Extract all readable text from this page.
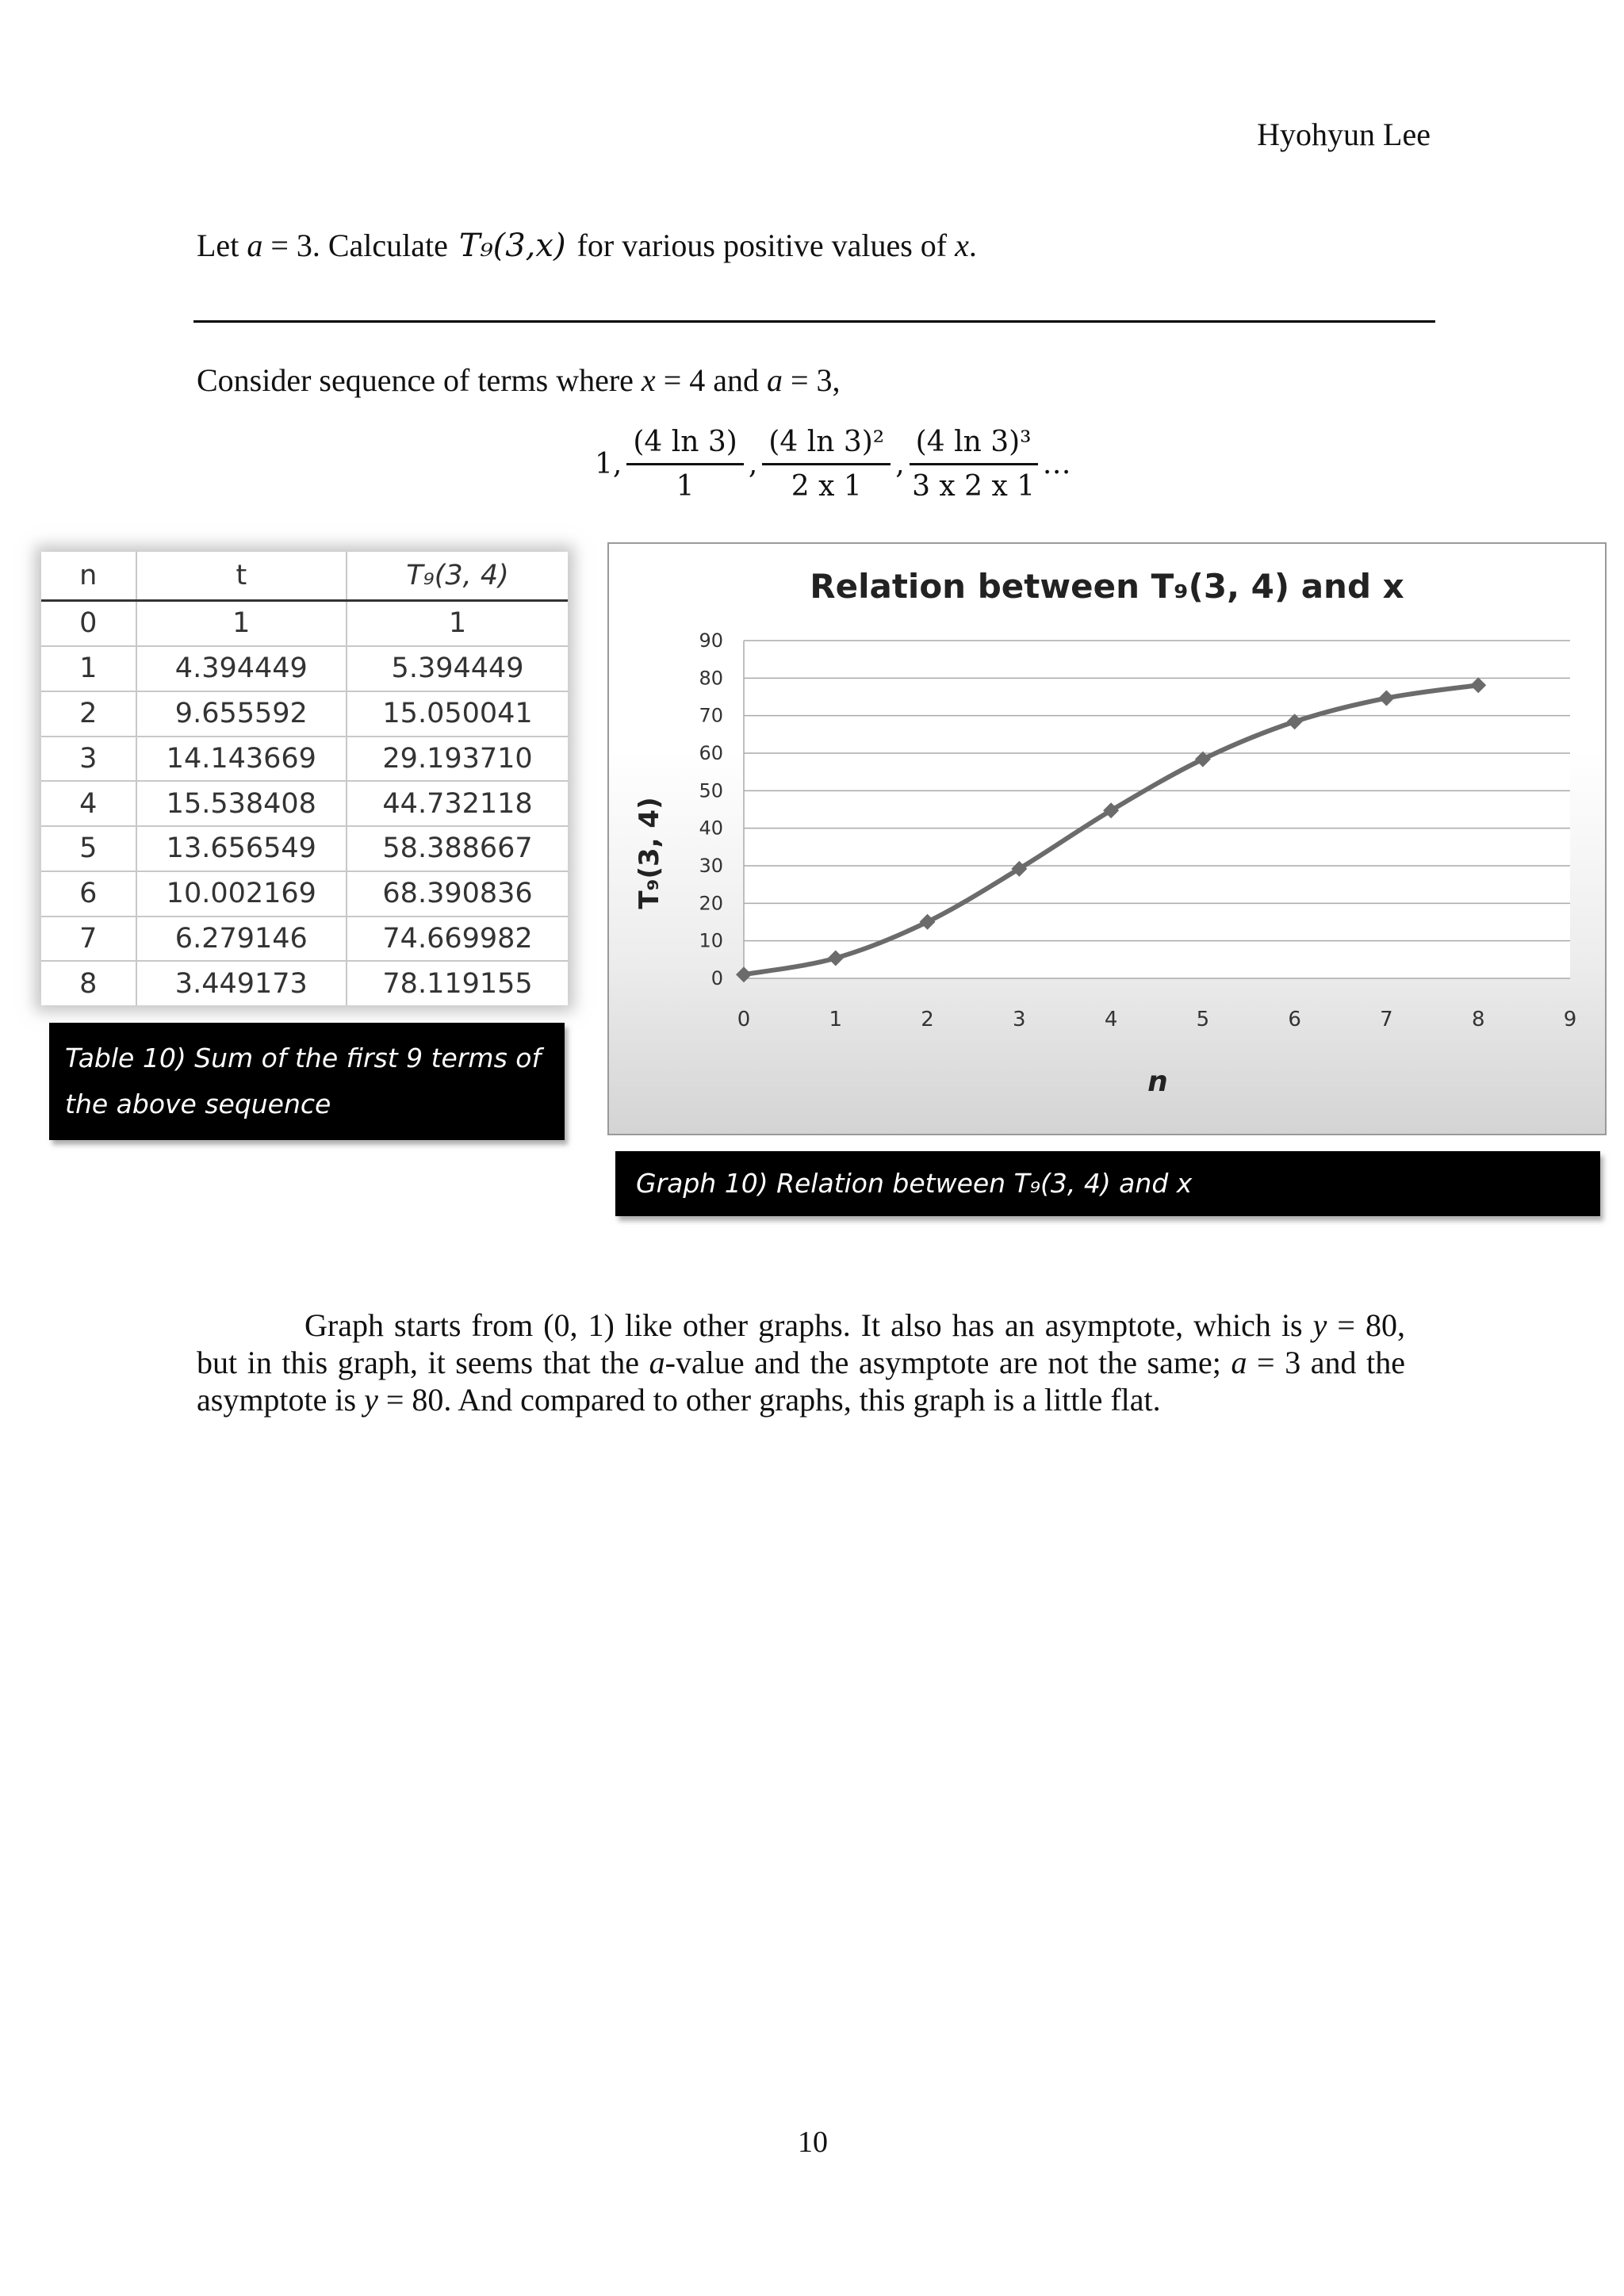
Hyohyun Lee
Let a = 3. Calculate T₉(3,x) for various positive values of x.
Consider sequence of terms where x = 4 and a = 3,
1, $\frac{(4 \ln 3)}{1}$ , $\frac{\text{(4 ln 3)²}}{2 x 1}$ , $\frac{\text{(4 ln 3)³}}{3 x 2 x 1}$ …
n	t	T₉(3, 4)
0	1	1
1	4.394449	5.394449
2	9.655592	15.050041
3	14.143669	29.193710
4	15.538408	44.732118
5	13.656549	58.388667
6	10.002169	68.390836
7	6.279146	74.669982
8	3.449173	78.119155
Table 10) Sum of the first 9 terms of
the above sequence
Relation between T₉(3, 4) and x
0
10
20
30
40
50
60
70
80
90
0	1	2	3	4	5	6	7	8	9
n
T₉(3, 4)
Graph 10) Relation between T₉(3, 4) and x
Graph starts from (0, 1) like other graphs. It also has an asymptote, which is y = 80, but in this graph, it seems that the a-value and the asymptote are not the same; a = 3 and the asymptote is y = 80. And compared to other graphs, this graph is a little flat.
10
